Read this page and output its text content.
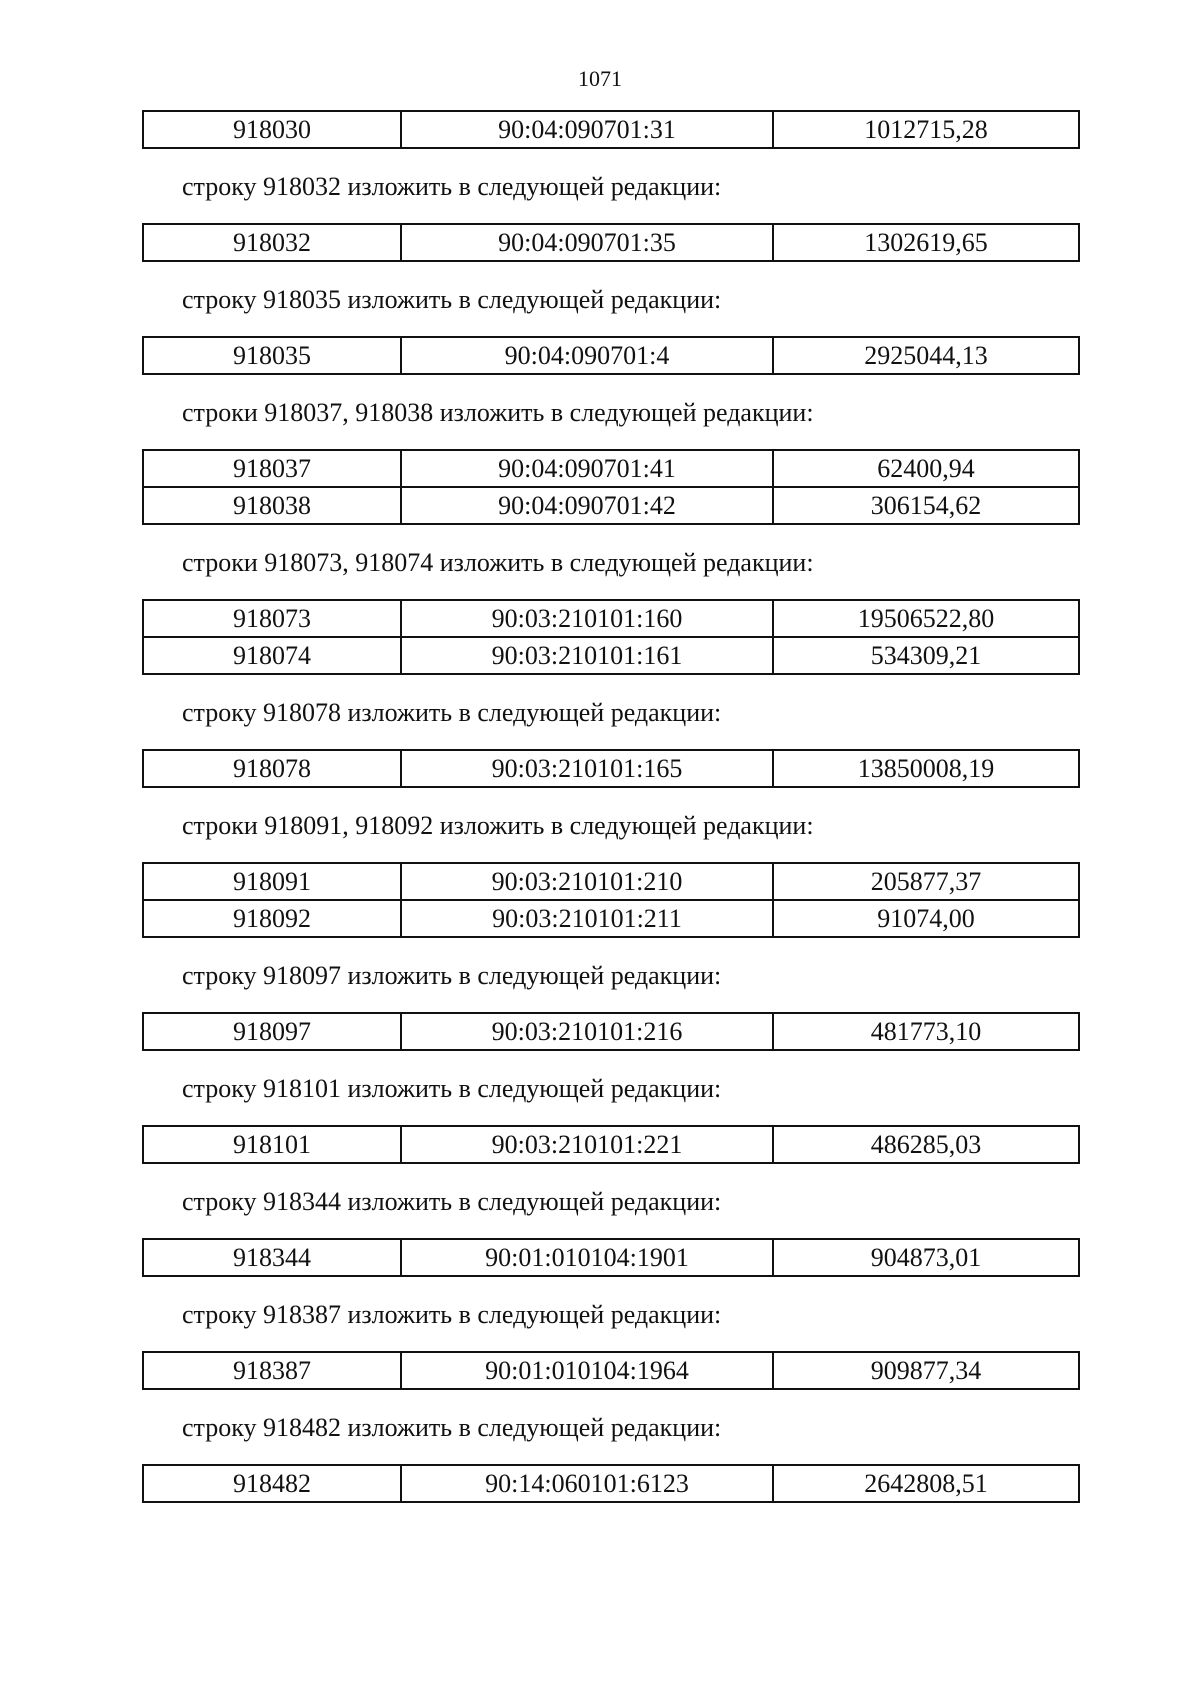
1071
918030	90:04:090701:31	1012715,28
строку 918032 изложить в следующей редакции:
918032	90:04:090701:35	1302619,65
строку 918035 изложить в следующей редакции:
918035	90:04:090701:4	2925044,13
строки 918037, 918038 изложить в следующей редакции:
918037	90:04:090701:41	62400,94
918038	90:04:090701:42	306154,62
строки 918073, 918074 изложить в следующей редакции:
918073	90:03:210101:160	19506522,80
918074	90:03:210101:161	534309,21
строку 918078 изложить в следующей редакции:
918078	90:03:210101:165	13850008,19
строки 918091, 918092 изложить в следующей редакции:
918091	90:03:210101:210	205877,37
918092	90:03:210101:211	91074,00
строку 918097 изложить в следующей редакции:
918097	90:03:210101:216	481773,10
строку 918101 изложить в следующей редакции:
918101	90:03:210101:221	486285,03
строку 918344 изложить в следующей редакции:
918344	90:01:010104:1901	904873,01
строку 918387 изложить в следующей редакции:
918387	90:01:010104:1964	909877,34
строку 918482 изложить в следующей редакции:
918482	90:14:060101:6123	2642808,51
